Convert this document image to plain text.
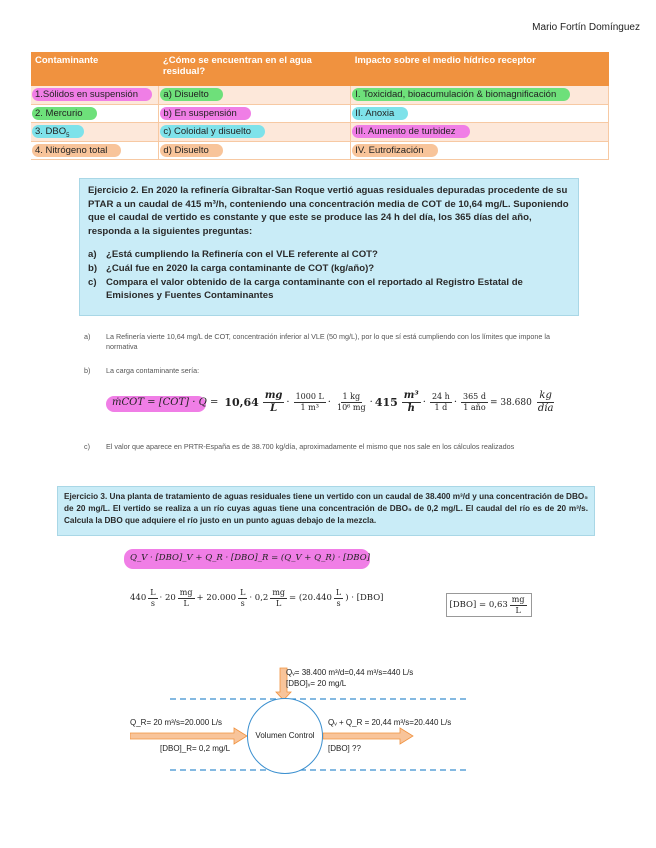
Mario Fortín Domínguez
Contaminante	¿Cómo se encuentran en el agua residual?	Impacto sobre el medio hídrico receptor
1.Sólidos en suspensión	a) Disuelto	I. Toxicidad, bioacumulación & biomagnificación
2. Mercurio	b) En suspensión	II. Anoxia
3. $DBO_5$	c) Coloidal y disuelto	III. Aumento de turbidez
4. Nitrógeno total	d) Disuelto	IV. Eutrofización

Ejercicio 2. En 2020 la refinería Gibraltar-San Roque vertió aguas residuales depuradas procedente de su PTAR a un caudal de 415 m³/h, conteniendo una concentración media de COT de 10,64 mg/L. Suponiendo que el caudal de vertido es constante y que este se produce las 24 h del día, los 365 días del año, responda a la siguientes preguntas:

a) ¿Está cumpliendo la Refinería con el VLE referente al COT?
b) ¿Cuál fue en 2020 la carga contaminante de COT (kg/año)?
c) Compara el valor obtenido de la carga contaminante con el reportado al Registro Estatal de Emisiones y Fuentes Contaminantes
a)	La Refinería vierte 10,64 mg/L de COT, concentración inferior al VLE (50 mg/L), por lo que sí está cumpliendo con los límites que impone la normativa
b)	La carga contaminante sería:
ṁCOT = $[COT] \cdot Q = 10,64 \frac{mg}{L} \cdot \frac{1000 L}{\text{1 m³}} \cdot \frac{1 kg}{\text{10⁶ mg}} \cdot 415 \frac{\text{m³}}{h} \cdot \frac{24 h}{1 d} \cdot \frac{365 d}{\text{1 año}} = 38.680 \frac{kg}{\text{día}}$
c)	El valor que aparece en PRTR-España es de 38.700 kg/día, aproximadamente el mismo que nos sale en los cálculos realizados
Ejercicio 3. Una planta de tratamiento de aguas residuales tiene un vertido con un caudal de 38.400 m³/d y una concentración de DBO₅ de 20 mg/L. El vertido se realiza a un río cuyas aguas tiene una concentración de DBO₅ de 0,2 mg/L. El caudal del río es de 20 m³/s. Calcula la DBO que adquiere el río justo en un punto aguas debajo de la mezcla.
Q_V · [DBO]_V + Q_R · [DBO]_R = (Q_V + Q_R) · [DBO]
$440 \frac{L}{s} \cdot 20 \frac{mg}{L} + 20.000 \frac{L}{s} \cdot 0,2 \frac{mg}{L} = (20.440 \frac{L}{s}$ ) · [DBO]
$[DBO] = 0,63 \frac{mg}{L}$
Qᵥ= 38.400 m³/d=0,44 m³/s=440 L/s
[DBO]ᵥ= 20 mg/L
Q_R= 20 m³/s=20.000 L/s
[DBO]_R= 0,2 mg/L
Volumen Control
Qᵥ + Q_R = 20,44 m³/s=20.440 L/s
[DBO] ??
